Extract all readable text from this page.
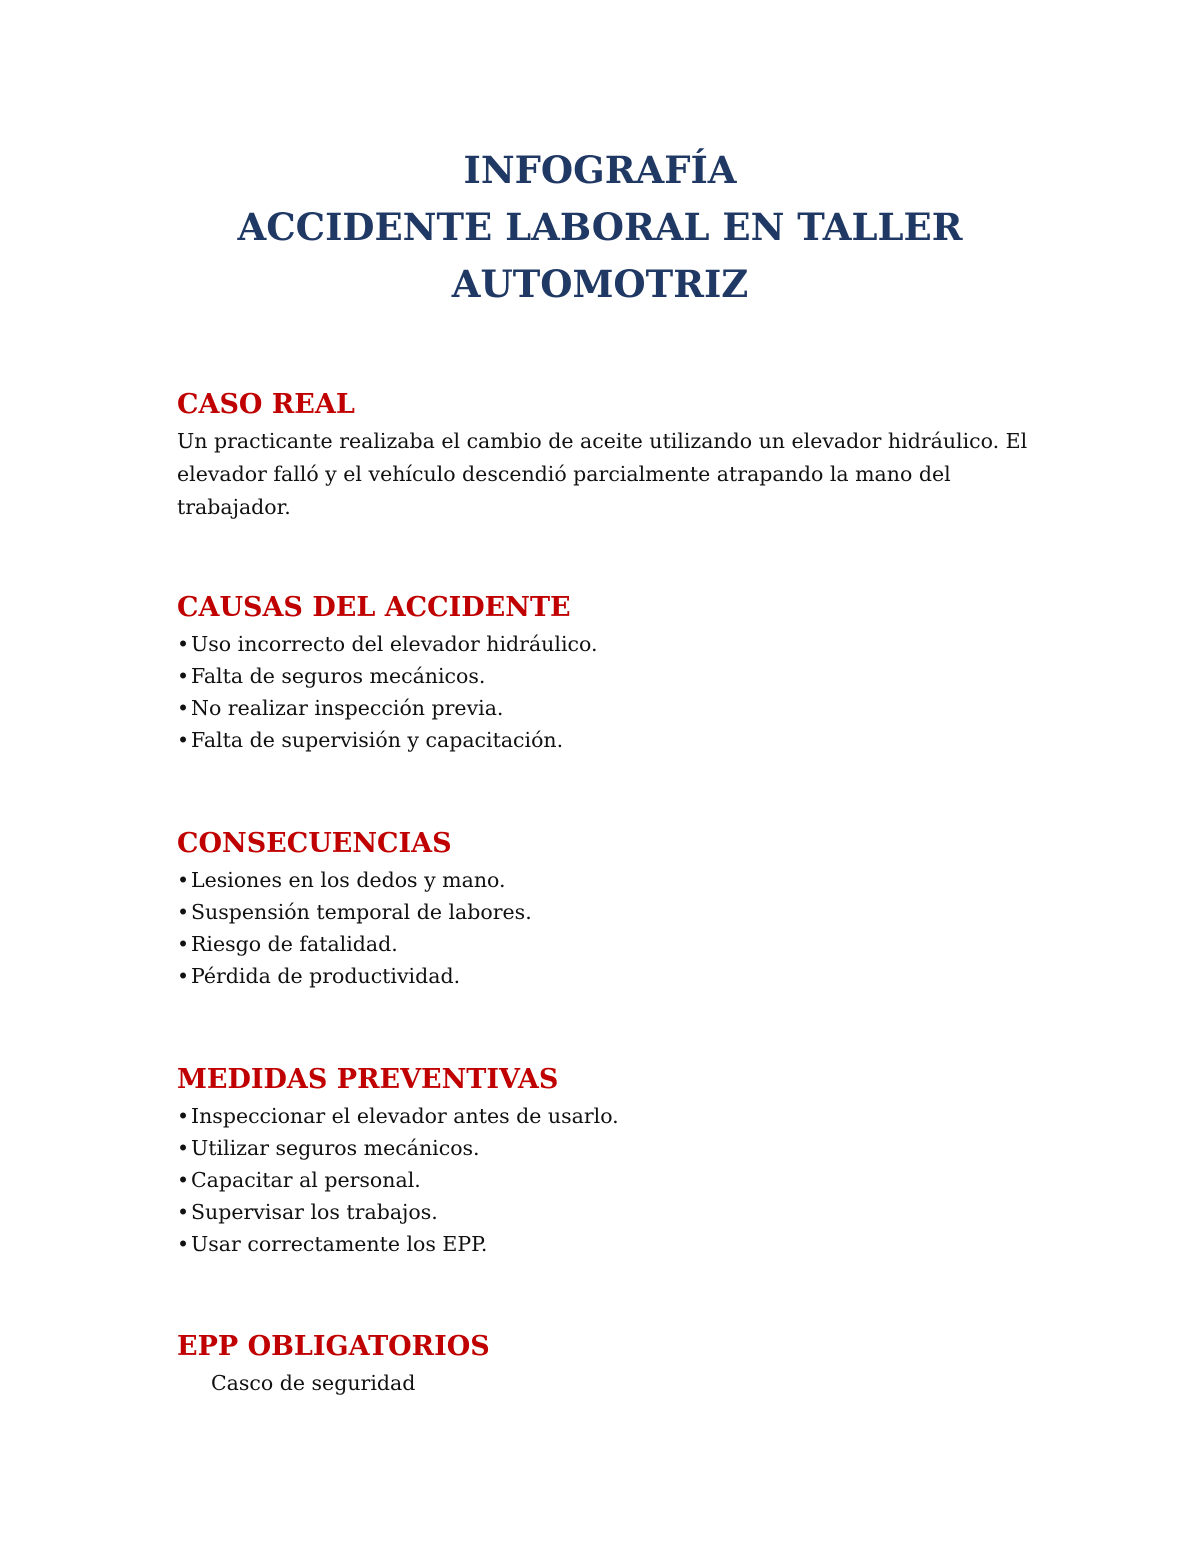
INFOGRAFÍA
ACCIDENTE LABORAL EN TALLER
AUTOMOTRIZ
CASO REAL

Un practicante realizaba el cambio de aceite utilizando un elevador hidráulico. El elevador falló y el vehículo descendió parcialmente atrapando la mano del trabajador.

CAUSAS DEL ACCIDENTE
•Uso incorrecto del elevador hidráulico.
•Falta de seguros mecánicos.
•No realizar inspección previa.
•Falta de supervisión y capacitación.
CONSECUENCIAS
•Lesiones en los dedos y mano.
•Suspensión temporal de labores.
•Riesgo de fatalidad.
•Pérdida de productividad.
MEDIDAS PREVENTIVAS
•Inspeccionar el elevador antes de usarlo.
•Utilizar seguros mecánicos.
•Capacitar al personal.
•Supervisar los trabajos.
•Usar correctamente los EPP.
EPP OBLIGATORIOS
Casco de seguridad
